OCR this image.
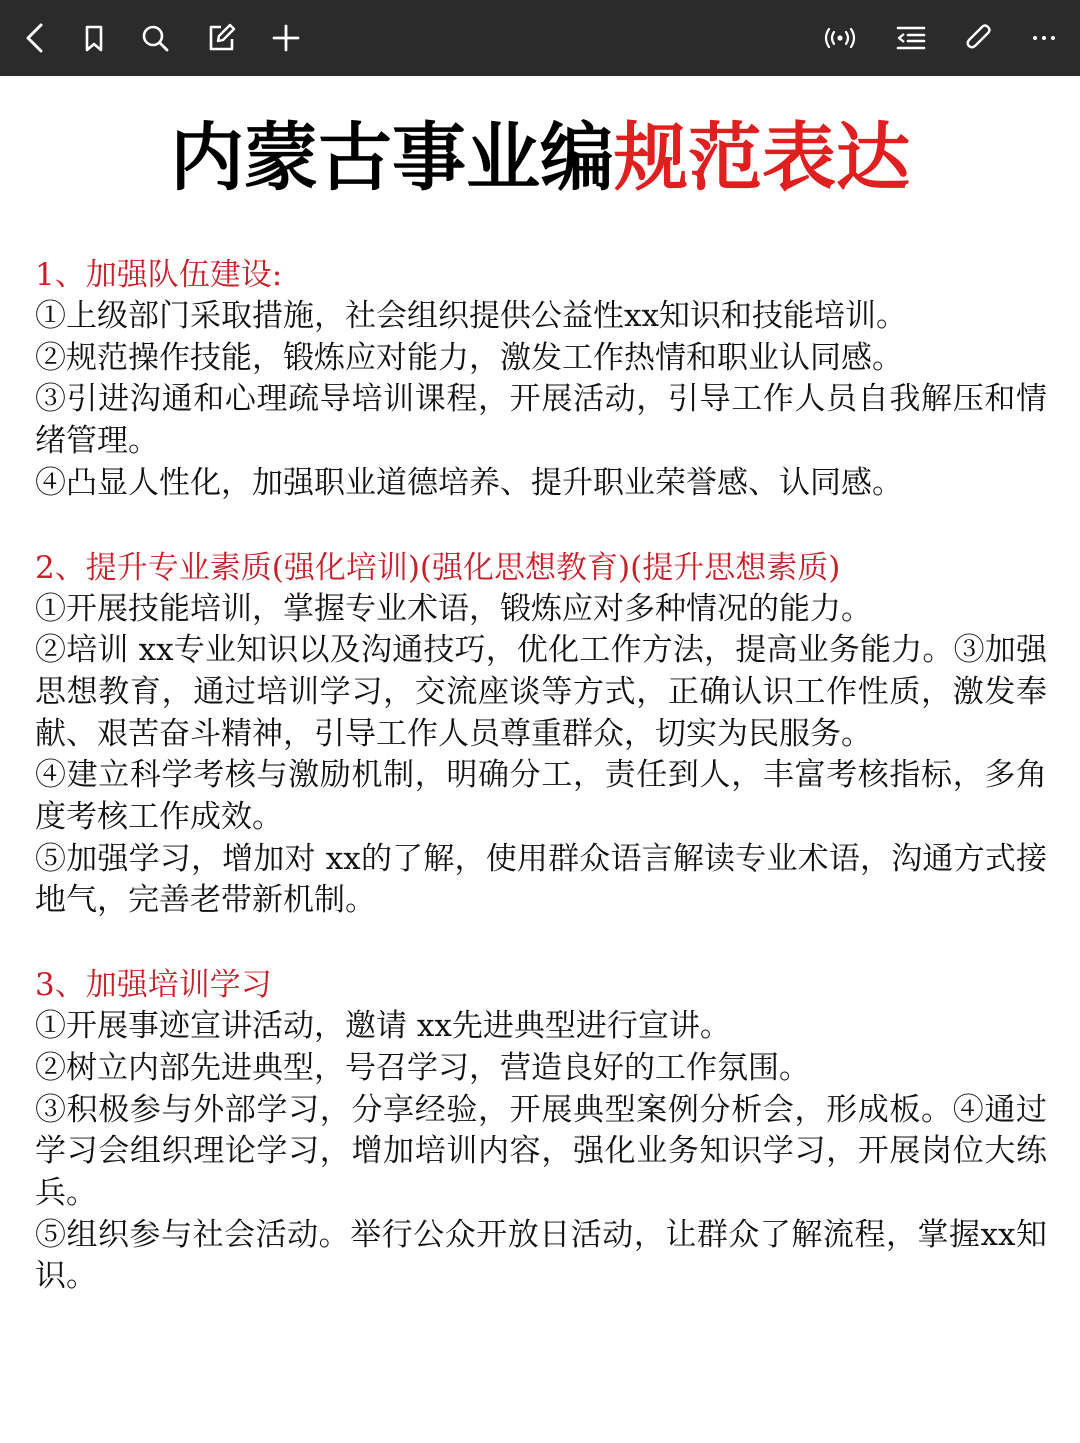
内蒙古事业编规范表达

1、加强队伍建设:

①上级部门采取措施，社会组织提供公益性xx知识和技能培训。

②规范操作技能，锻炼应对能力，激发工作热情和职业认同感。

③引进沟通和心理疏导培训课程，开展活动，引导工作人员自我解压和情绪管理。

④凸显人性化，加强职业道德培养、提升职业荣誉感、认同感。

2、提升专业素质(强化培训)(强化思想教育)(提升思想素质)

①开展技能培训，掌握专业术语，锻炼应对多种情况的能力。

②培训 xx专业知识以及沟通技巧，优化工作方法，提高业务能力。③加强思想教育，通过培训学习，交流座谈等方式，正确认识工作性质，激发奉献、艰苦奋斗精神，引导工作人员尊重群众，切实为民服务。

④建立科学考核与激励机制，明确分工，责任到人，丰富考核指标，多角度考核工作成效。

⑤加强学习，增加对 xx的了解，使用群众语言解读专业术语，沟通方式接地气，完善老带新机制。

3、加强培训学习

①开展事迹宣讲活动，邀请 xx先进典型进行宣讲。

②树立内部先进典型，号召学习，营造良好的工作氛围。

③积极参与外部学习，分享经验，开展典型案例分析会，形成板。④通过学习会组织理论学习，增加培训内容，强化业务知识学习，开展岗位大练兵。

⑤组织参与社会活动。举行公众开放日活动，让群众了解流程，掌握xx知识。
